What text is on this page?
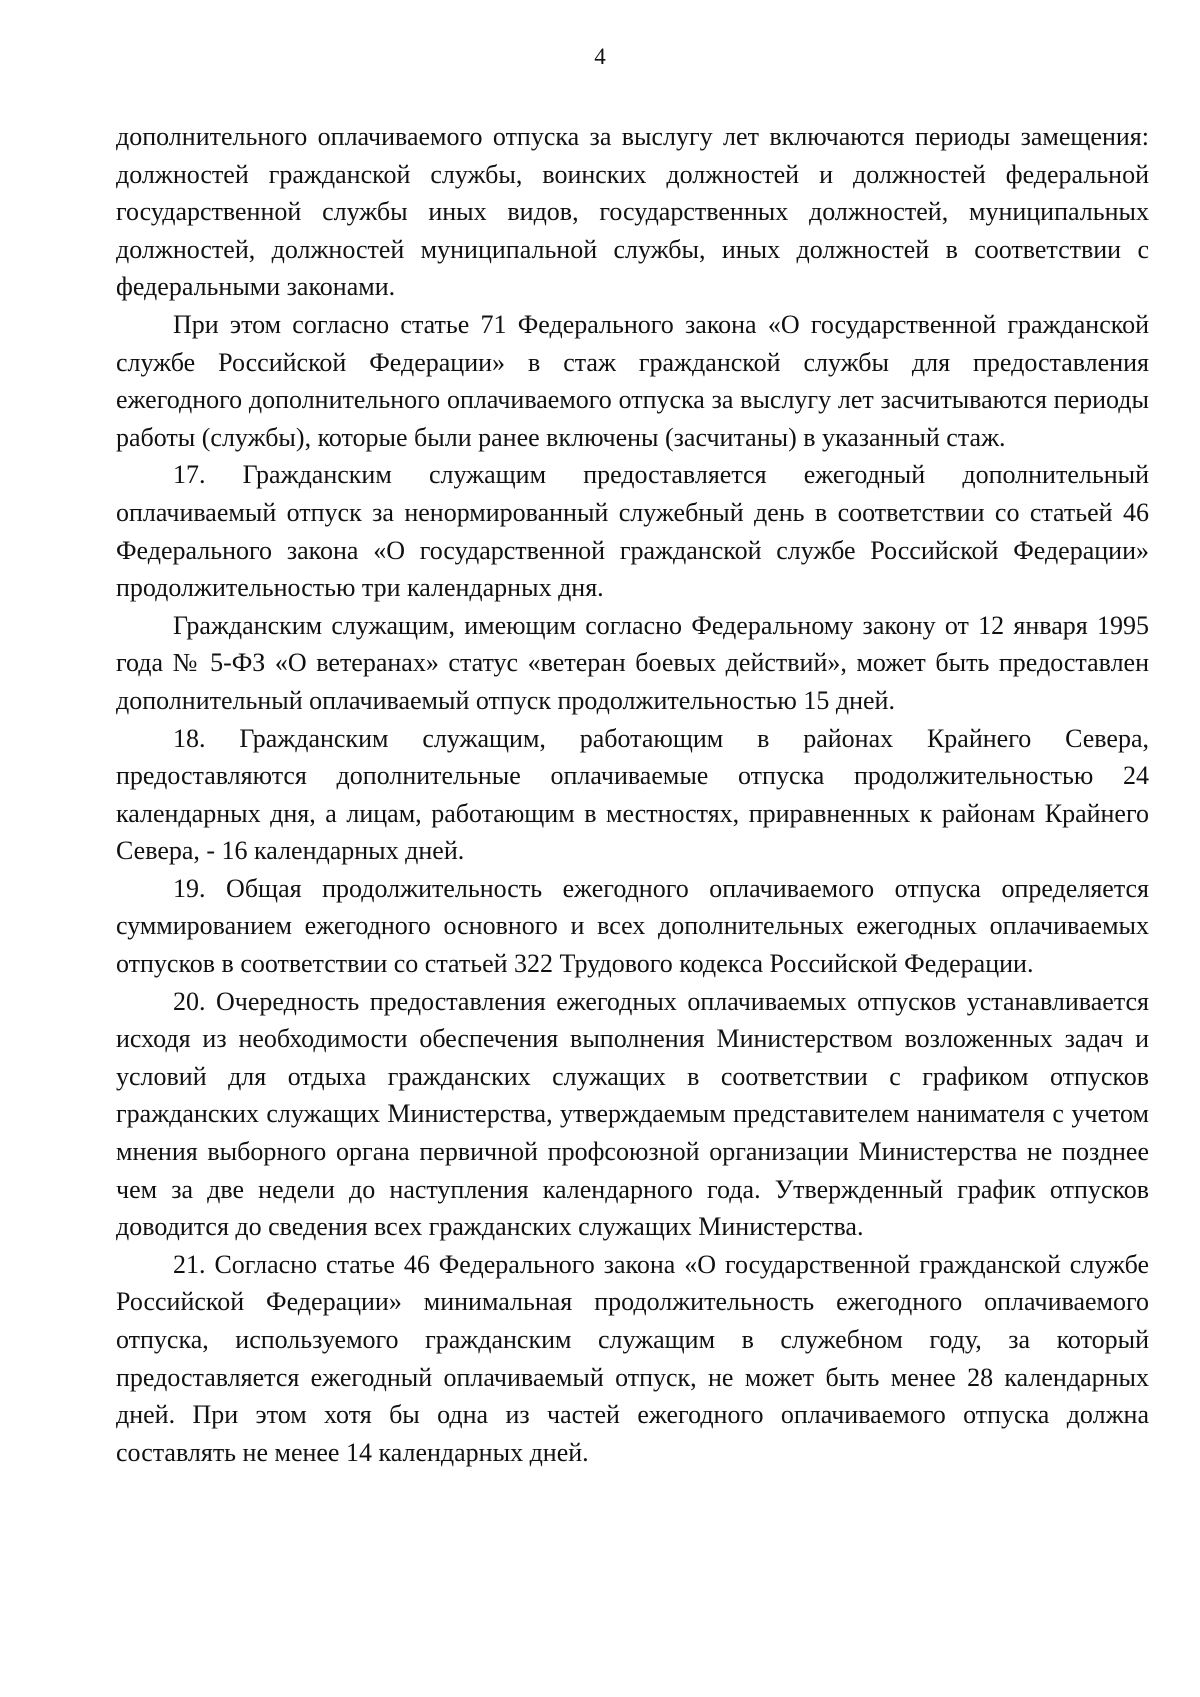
4

дополнительного оплачиваемого отпуска за выслугу лет включаются периоды замещения: должностей гражданской службы, воинских должностей и должностей федеральной государственной службы иных видов, государственных должностей, муниципальных должностей, должностей муниципальной службы, иных должностей в соответствии с федеральными законами.

При этом согласно статье 71 Федерального закона «О государственной гражданской службе Российской Федерации» в стаж гражданской службы для предоставления ежегодного дополнительного оплачиваемого отпуска за выслугу лет засчитываются периоды работы (службы), которые были ранее включены (засчитаны) в указанный стаж.

17. Гражданским служащим предоставляется ежегодный дополнительный оплачиваемый отпуск за ненормированный служебный день в соответствии со статьей 46 Федерального закона «О государственной гражданской службе Российской Федерации» продолжительностью три календарных дня.

Гражданским служащим, имеющим согласно Федеральному закону от 12 января 1995 года № 5-ФЗ «О ветеранах» статус «ветеран боевых действий», может быть предоставлен дополнительный оплачиваемый отпуск продолжительностью 15 дней.

18. Гражданским служащим, работающим в районах Крайнего Севера, предоставляются дополнительные оплачиваемые отпуска продолжительностью 24 календарных дня, а лицам, работающим в местностях, приравненных к районам Крайнего Севера, - 16 календарных дней.

19. Общая продолжительность ежегодного оплачиваемого отпуска определяется суммированием ежегодного основного и всех дополнительных ежегодных оплачиваемых отпусков в соответствии со статьей 322 Трудового кодекса Российской Федерации.

20. Очередность предоставления ежегодных оплачиваемых отпусков устанавливается исходя из необходимости обеспечения выполнения Министерством возложенных задач и условий для отдыха гражданских служащих в соответствии с графиком отпусков гражданских служащих Министерства, утверждаемым представителем нанимателя с учетом мнения выборного органа первичной профсоюзной организации Министерства не позднее чем за две недели до наступления календарного года. Утвержденный график отпусков доводится до сведения всех гражданских служащих Министерства.

21. Согласно статье 46 Федерального закона «О государственной гражданской службе Российской Федерации» минимальная продолжительность ежегодного оплачиваемого отпуска, используемого гражданским служащим в служебном году, за который предоставляется ежегодный оплачиваемый отпуск, не может быть менее 28 календарных дней. При этом хотя бы одна из частей ежегодного оплачиваемого отпуска должна составлять не менее 14 календарных дней.
